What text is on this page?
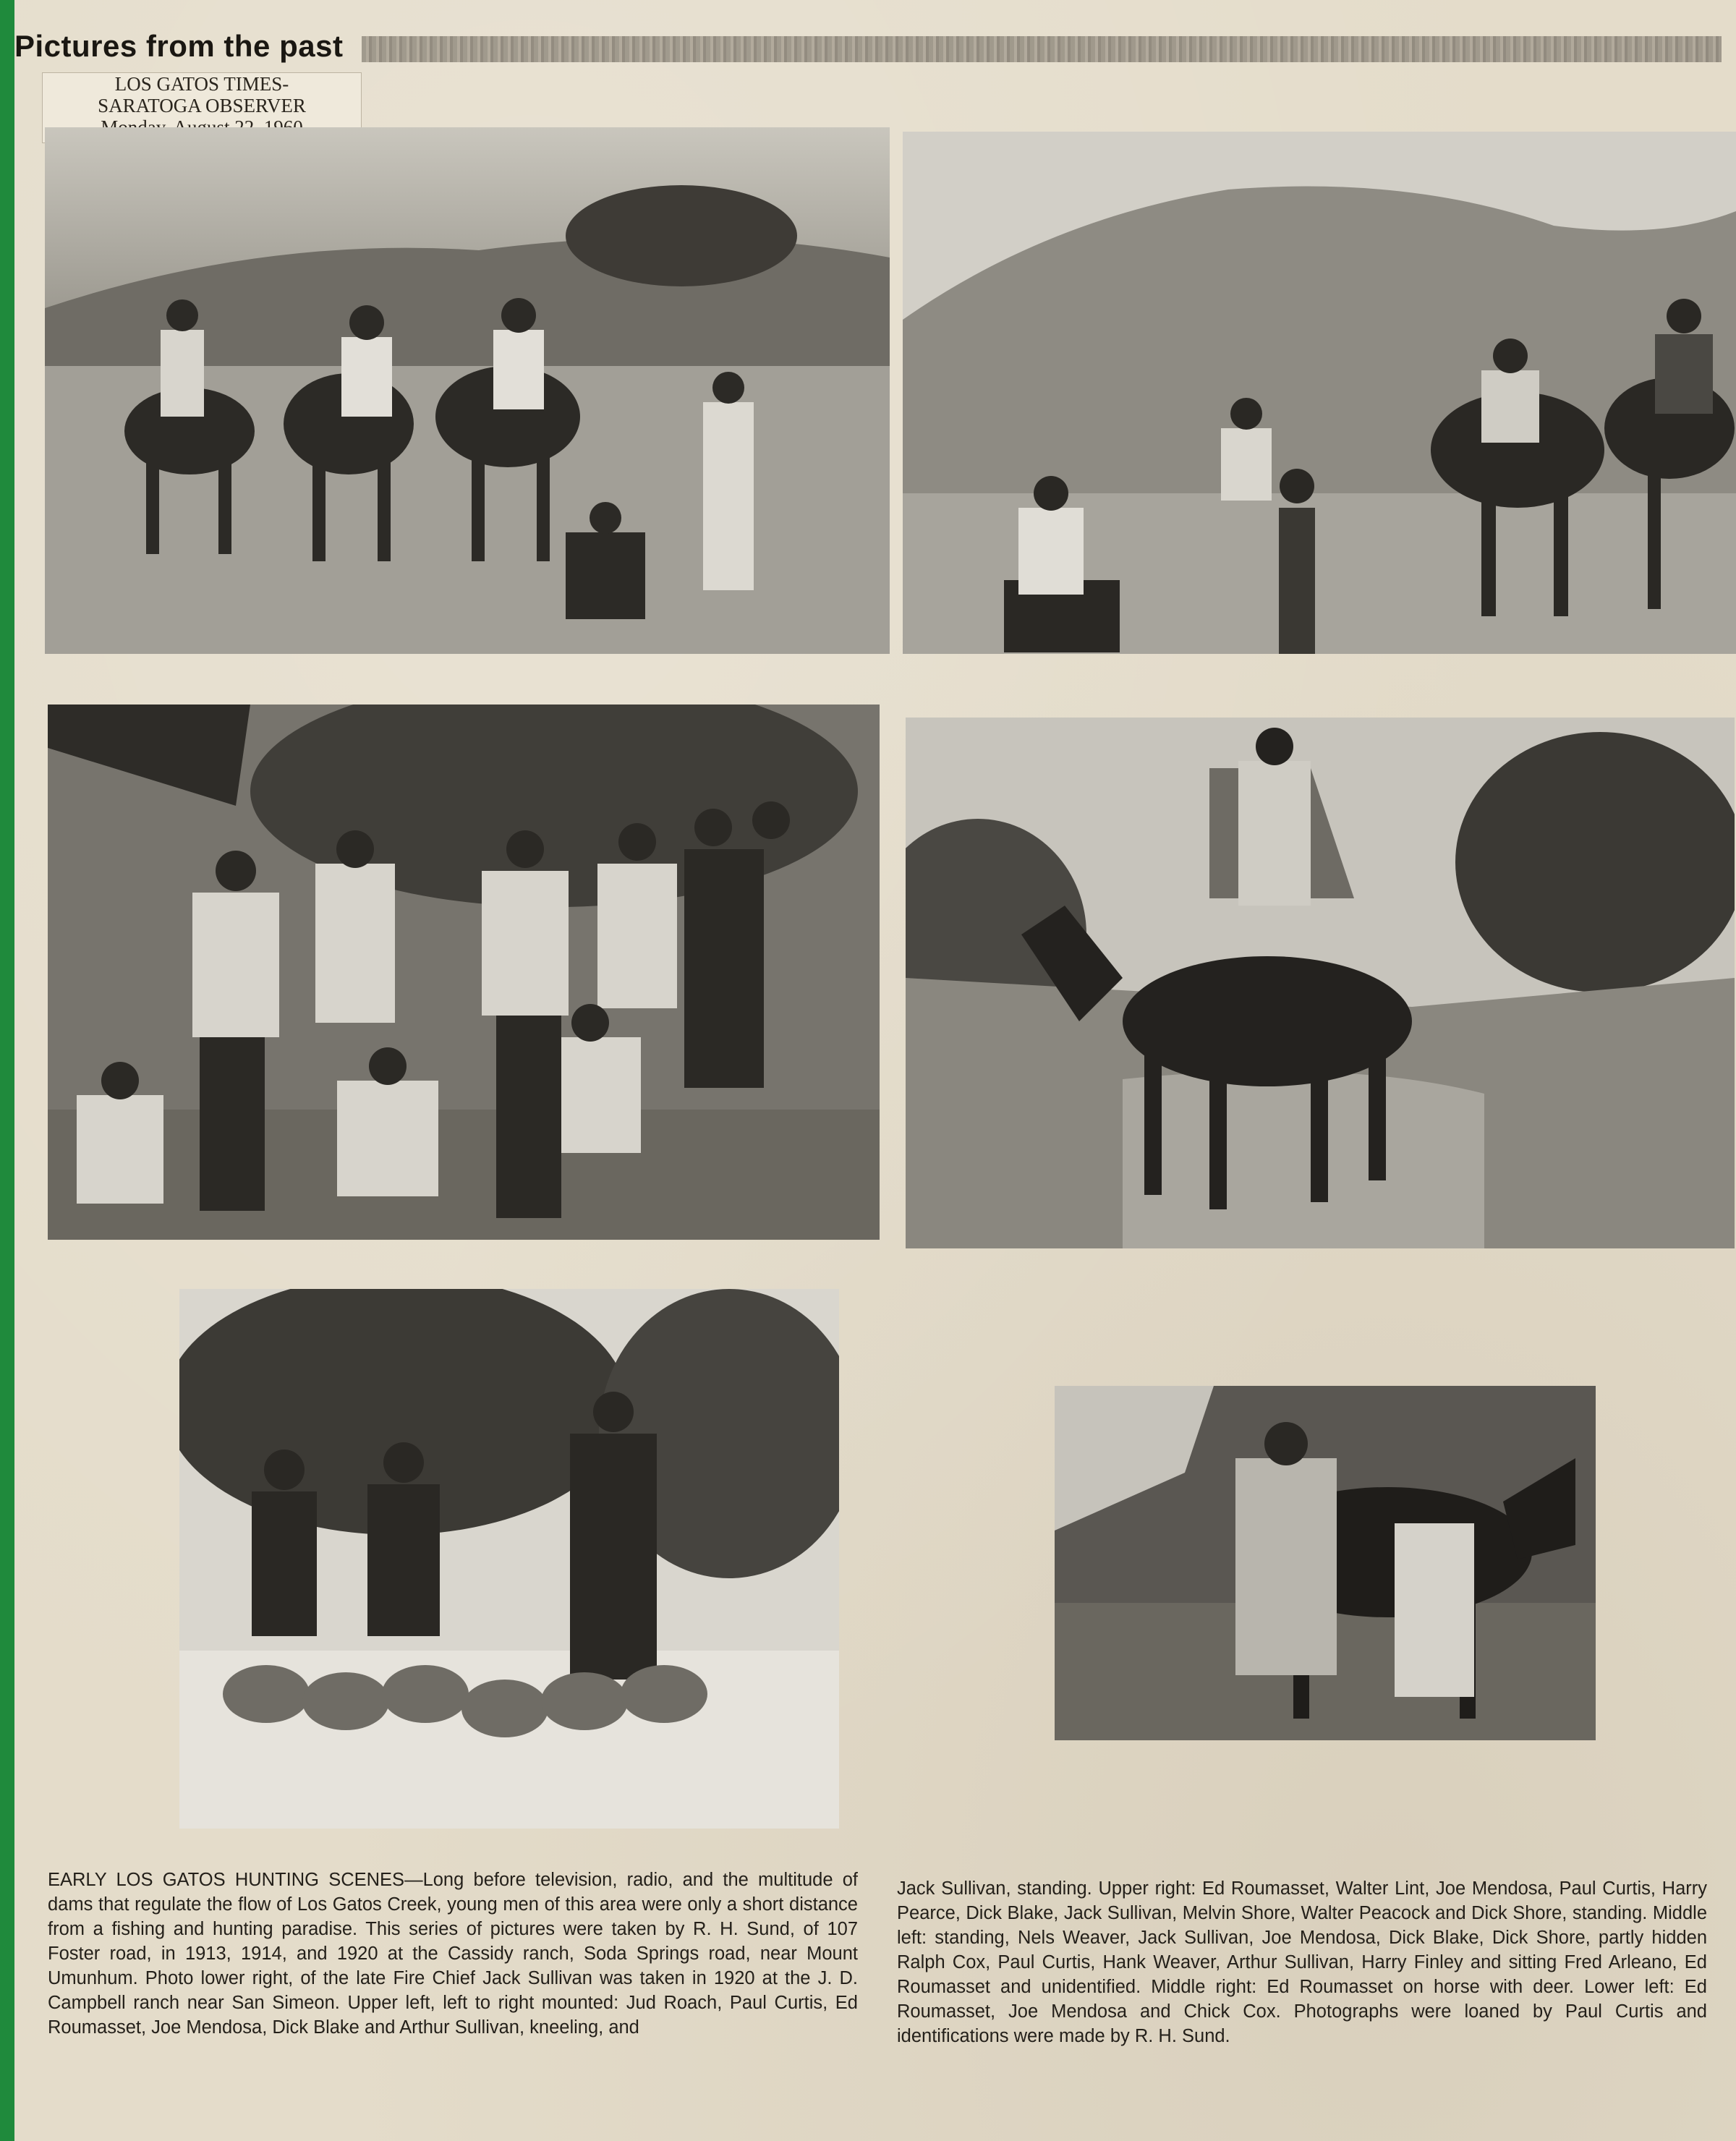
Pictures from the past
LOS GATOS TIMES-
SARATOGA OBSERVER
EARLY LOS GATOS HUNTING SCENES—Long before television, radio, and the multitude of dams that regulate the flow of Los Gatos Creek, young men of this area were only a short distance from a fishing and hunting paradise. This series of pictures were taken by R. H. Sund, of 107 Foster road, in 1913, 1914, and 1920 at the Cassidy ranch, Soda Springs road, near Mount Umunhum. Photo lower right, of the late Fire Chief Jack Sullivan was taken in 1920 at the J. D. Campbell ranch near San Simeon. Upper left, left to right mounted: Jud Roach, Paul Curtis, Ed Roumasset, Joe Mendosa, Dick Blake and Arthur Sullivan, kneeling, and
Jack Sullivan, standing. Upper right: Ed Roumasset, Walter Lint, Joe Mendosa, Paul Curtis, Harry Pearce, Dick Blake, Jack Sullivan, Melvin Shore, Walter Peacock and Dick Shore, standing. Middle left: standing, Nels Weaver, Jack Sullivan, Joe Mendosa, Dick Blake, Dick Shore, partly hidden Ralph Cox, Paul Curtis, Hank Weaver, Arthur Sullivan, Harry Finley and sitting Fred Arleano, Ed Roumasset and unidentified. Middle right: Ed Roumasset on horse with deer. Lower left: Ed Roumasset, Joe Mendosa and Chick Cox. Photographs were loaned by Paul Curtis and identifications were made by R. H. Sund.
